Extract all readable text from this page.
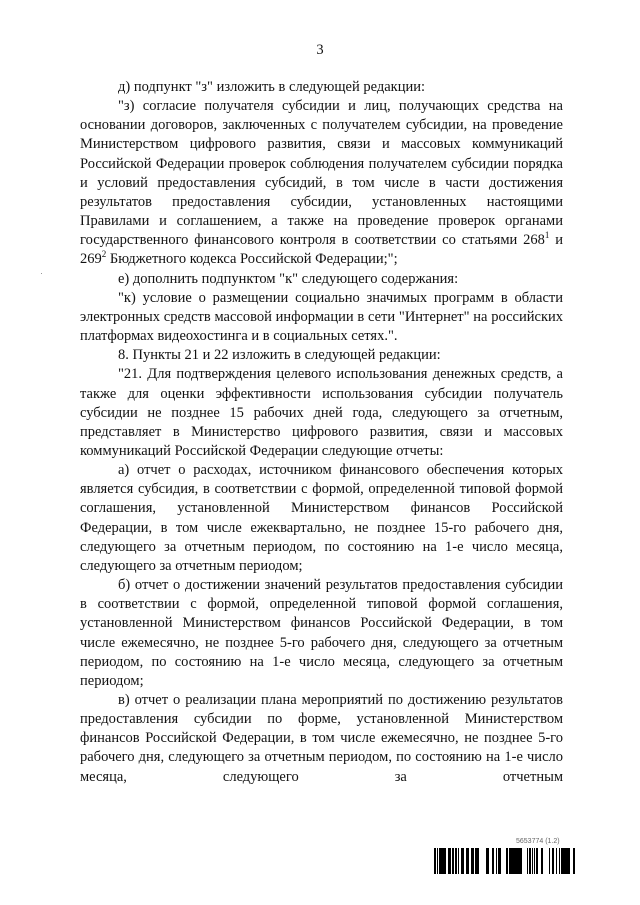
3
·

д) подпункт "з" изложить в следующей редакции:

"з) согласие получателя субсидии и лиц, получающих средства на основании договоров, заключенных с получателем субсидии, на проведение Министерством цифрового развития, связи и массовых коммуникаций Российской Федерации проверок соблюдения получателем субсидии порядка и условий предоставления субсидий, в том числе в части достижения результатов предоставления субсидии, установленных настоящими Правилами и соглашением, а также на проведение проверок органами государственного финансового контроля в соответствии со статьями $268^1$ и $269^2$ Бюджетного кодекса Российской Федерации;";

е) дополнить подпунктом "к" следующего содержания:

"к) условие о размещении социально значимых программ в области электронных средств массовой информации в сети "Интернет" на российских платформах видеохостинга и в социальных сетях.".

8. Пункты 21 и 22 изложить в следующей редакции:

"21. Для подтверждения целевого использования денежных средств, а также для оценки эффективности использования субсидии получатель субсидии не позднее 15 рабочих дней года, следующего за отчетным, представляет в Министерство цифрового развития, связи и массовых коммуникаций Российской Федерации следующие отчеты:

а) отчет о расходах, источником финансового обеспечения которых является субсидия, в соответствии с формой, определенной типовой формой соглашения, установленной Министерством финансов Российской Федерации, в том числе ежеквартально, не позднее 15-го рабочего дня, следующего за отчетным периодом, по состоянию на 1-е число месяца, следующего за отчетным периодом;

б) отчет о достижении значений результатов предоставления субсидии в соответствии с формой, определенной типовой формой соглашения, установленной Министерством финансов Российской Федерации, в том числе ежемесячно, не позднее 5-го рабочего дня, следующего за отчетным периодом, по состоянию на 1-е число месяца, следующего за отчетным периодом;

в) отчет о реализации плана мероприятий по достижению результатов предоставления субсидии по форме, установленной Министерством финансов Российской Федерации, в том числе ежемесячно, не позднее 5-го рабочего дня, следующего за отчетным периодом, по состоянию на 1-е число месяца, следующего за отчетным

5653774 (1.2)
